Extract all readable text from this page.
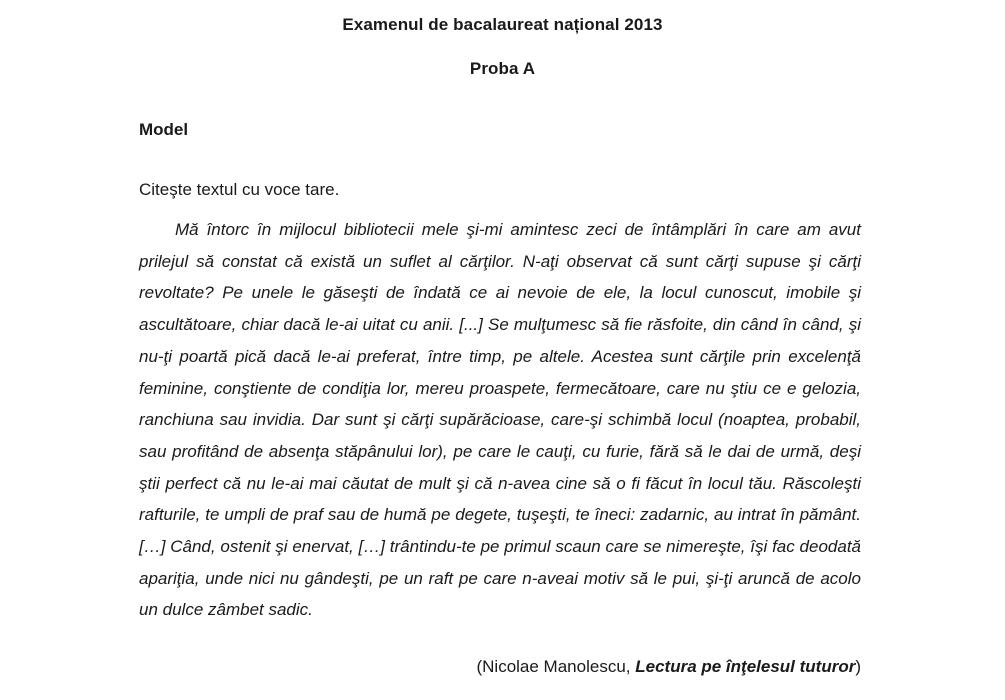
Examenul de bacalaureat național 2013
Proba A
Model
Citeşte textul cu voce tare.

Mă întorc în mijlocul bibliotecii mele şi-mi amintesc zeci de întâmplări în care am avut prilejul să constat că există un suflet al cărţilor. N-aţi observat că sunt cărţi supuse şi cărţi revoltate? Pe unele le găseşti de îndată ce ai nevoie de ele, la locul cunoscut, imobile şi ascultătoare, chiar dacă le-ai uitat cu anii. [...] Se mulţumesc să fie răsfoite, din când în când, şi nu-ţi poartă pică dacă le-ai preferat, între timp, pe altele. Acestea sunt cărţile prin excelenţă feminine, conştiente de condiţia lor, mereu proaspete, fermecătoare, care nu ştiu ce e gelozia, ranchiuna sau invidia. Dar sunt şi cărţi supărăcioase, care-şi schimbă locul (noaptea, probabil, sau profitând de absenţa stăpânului lor), pe care le cauţi, cu furie, fără să le dai de urmă, deşi ştii perfect că nu le-ai mai căutat de mult şi că n-avea cine să o fi făcut în locul tău. Răscoleşti rafturile, te umpli de praf sau de humă pe degete, tuşeşti, te îneci: zadarnic, au intrat în pământ. […] Când, ostenit şi enervat, […] trântindu-te pe primul scaun care se nimereşte, îşi fac deodată apariţia, unde nici nu gândeşti, pe un raft pe care n-aveai motiv să le pui, şi-ţi aruncă de acolo un dulce zâmbet sadic.

(Nicolae Manolescu, Lectura pe înţelesul tuturor)
